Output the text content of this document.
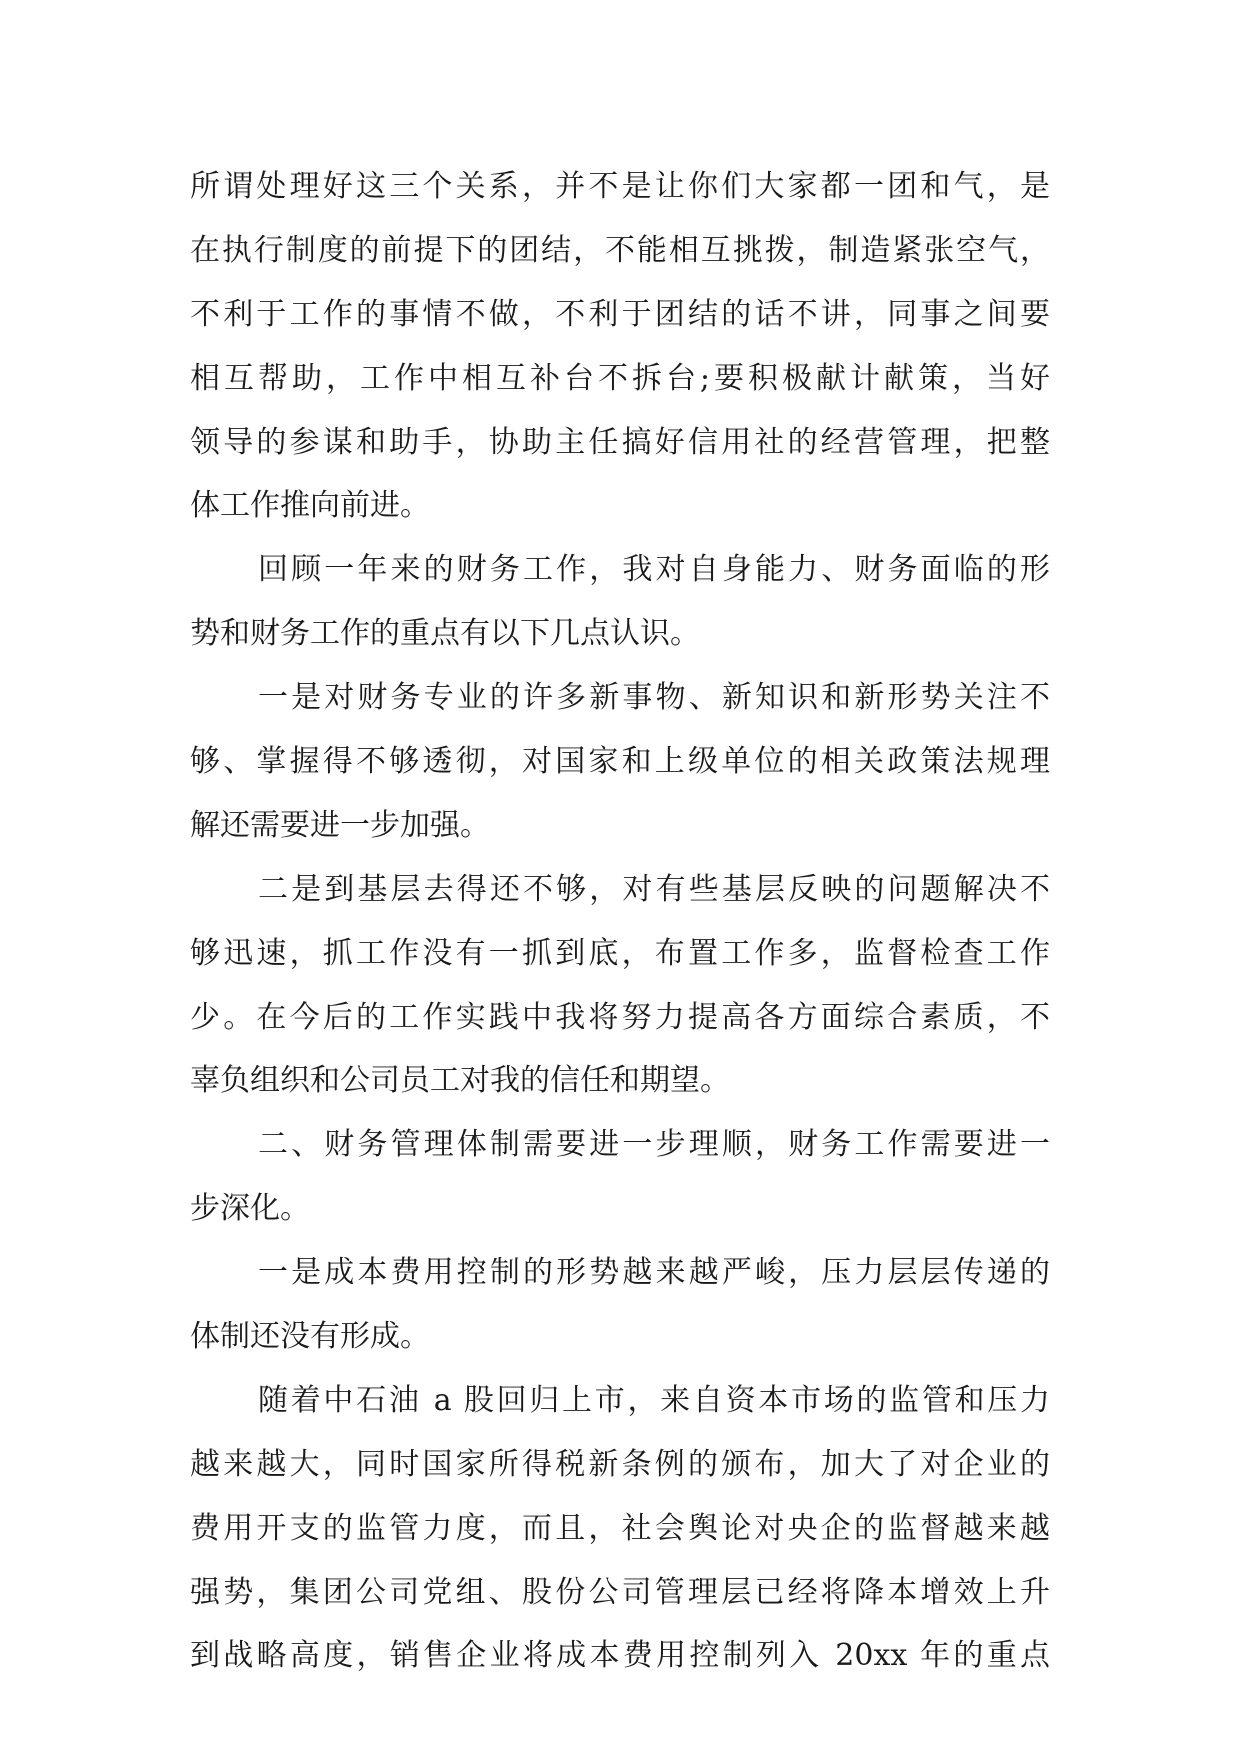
所谓处理好这三个关系，并不是让你们大家都一团和气，是
在执行制度的前提下的团结，不能相互挑拨，制造紧张空气，
不利于工作的事情不做，不利于团结的话不讲，同事之间要
相互帮助，工作中相互补台不拆台;要积极献计献策，当好
领导的参谋和助手，协助主任搞好信用社的经营管理，把整
体工作推向前进。
回顾一年来的财务工作，我对自身能力、财务面临的形
势和财务工作的重点有以下几点认识。
一是对财务专业的许多新事物、新知识和新形势关注不
够、掌握得不够透彻，对国家和上级单位的相关政策法规理
解还需要进一步加强。
二是到基层去得还不够，对有些基层反映的问题解决不
够迅速，抓工作没有一抓到底，布置工作多，监督检查工作
少。在今后的工作实践中我将努力提高各方面综合素质，不
辜负组织和公司员工对我的信任和期望。
二、财务管理体制需要进一步理顺，财务工作需要进一
步深化。
一是成本费用控制的形势越来越严峻，压力层层传递的
体制还没有形成。
随着中石油 a 股回归上市，来自资本市场的监管和压力
越来越大，同时国家所得税新条例的颁布，加大了对企业的
费用开支的监管力度，而且，社会舆论对央企的监督越来越
强势，集团公司党组、股份公司管理层已经将降本增效上升
到战略高度，销售企业将成本费用控制列入 20xx 年的重点
